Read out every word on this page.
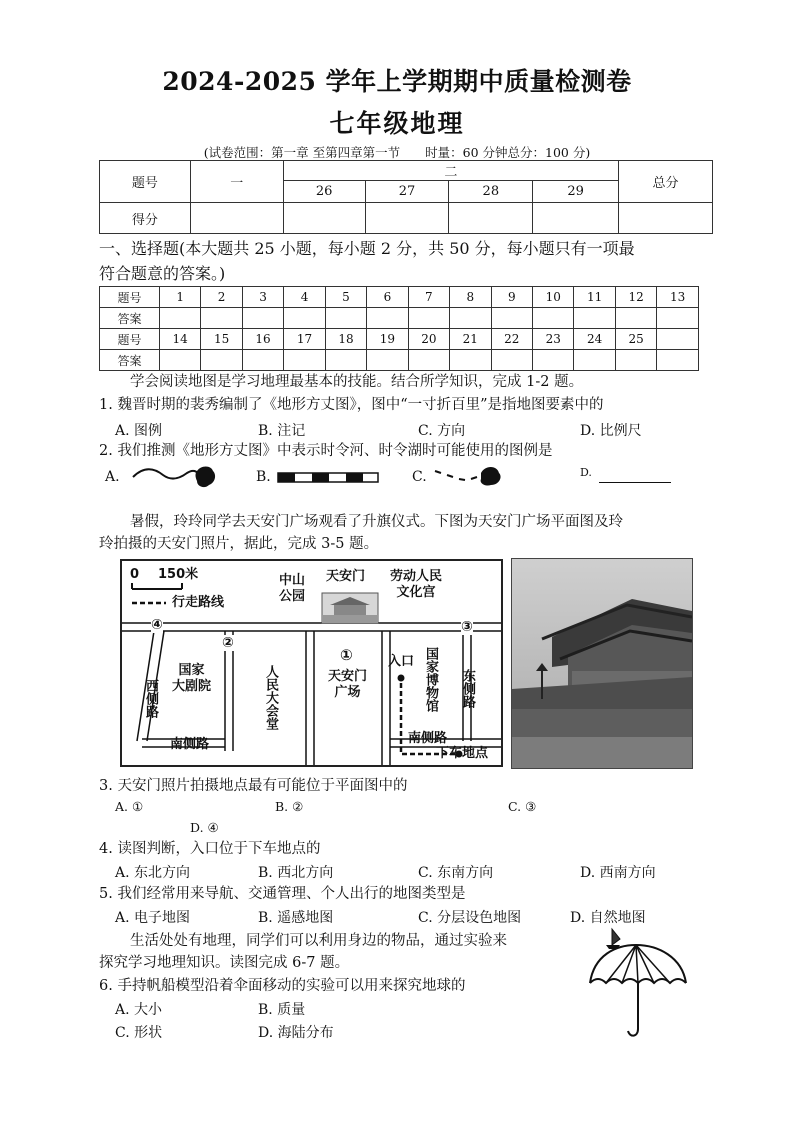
2024-2025 学年上学期期中质量检测卷
七年级地理
(试卷范围：第一章 至第四章第一节　　时量：60 分钟总分：100 分)
题号	一	二				总分
		26	27	28	29	
得分						
一、选择题(本大题共 25 小题，每小题 2 分，共 50 分，每小题只有一项最
符合题意的答案。)
题号	1	2	3	4	5	6	7	8	9	10	11	12	13
答案													
题号	14	15	16	17	18	19	20	21	22	23	24	25	
答案													
学会阅读地图是学习地理最基本的技能。结合所学知识，完成 1-2 题。
1. 魏晋时期的裴秀编制了《地形方丈图》，图中“一寸折百里”是指地图要素中的
A. 图例	B. 注记	C. 方向	D. 比例尺
2. 我们推测《地形方丈图》中表示时令河、时令湖时可能使用的图例是
A.	B.	C.	D.
暑假，玲玲同学去天安门广场观看了升旗仪式。下图为天安门广场平面图及玲
玲拍摄的天安门照片，据此，完成 3-5 题。
0 150米
行走路线
中山
公园
天安门 劳动人民
文化宫
国家
大剧院
西侧路	人民大会堂	天安门
广场
入口 国家博物馆 东侧路
南侧路	南侧路
下车地点
④
②
①
③
3. 天安门照片拍摄地点最有可能位于平面图中的
A. ①	B. ②	C. ③
D. ④
4. 读图判断，入口位于下车地点的
A. 东北方向	B. 西北方向	C. 东南方向	D. 西南方向
5. 我们经常用来导航、交通管理、个人出行的地图类型是
A. 电子地图	B. 遥感地图	C. 分层设色地图	D. 自然地图
生活处处有地理，同学们可以利用身边的物品，通过实验来
探究学习地理知识。读图完成 6-7 题。
6. 手持帆船模型沿着伞面移动的实验可以用来探究地球的
A. 大小	B. 质量
C. 形状	D. 海陆分布
